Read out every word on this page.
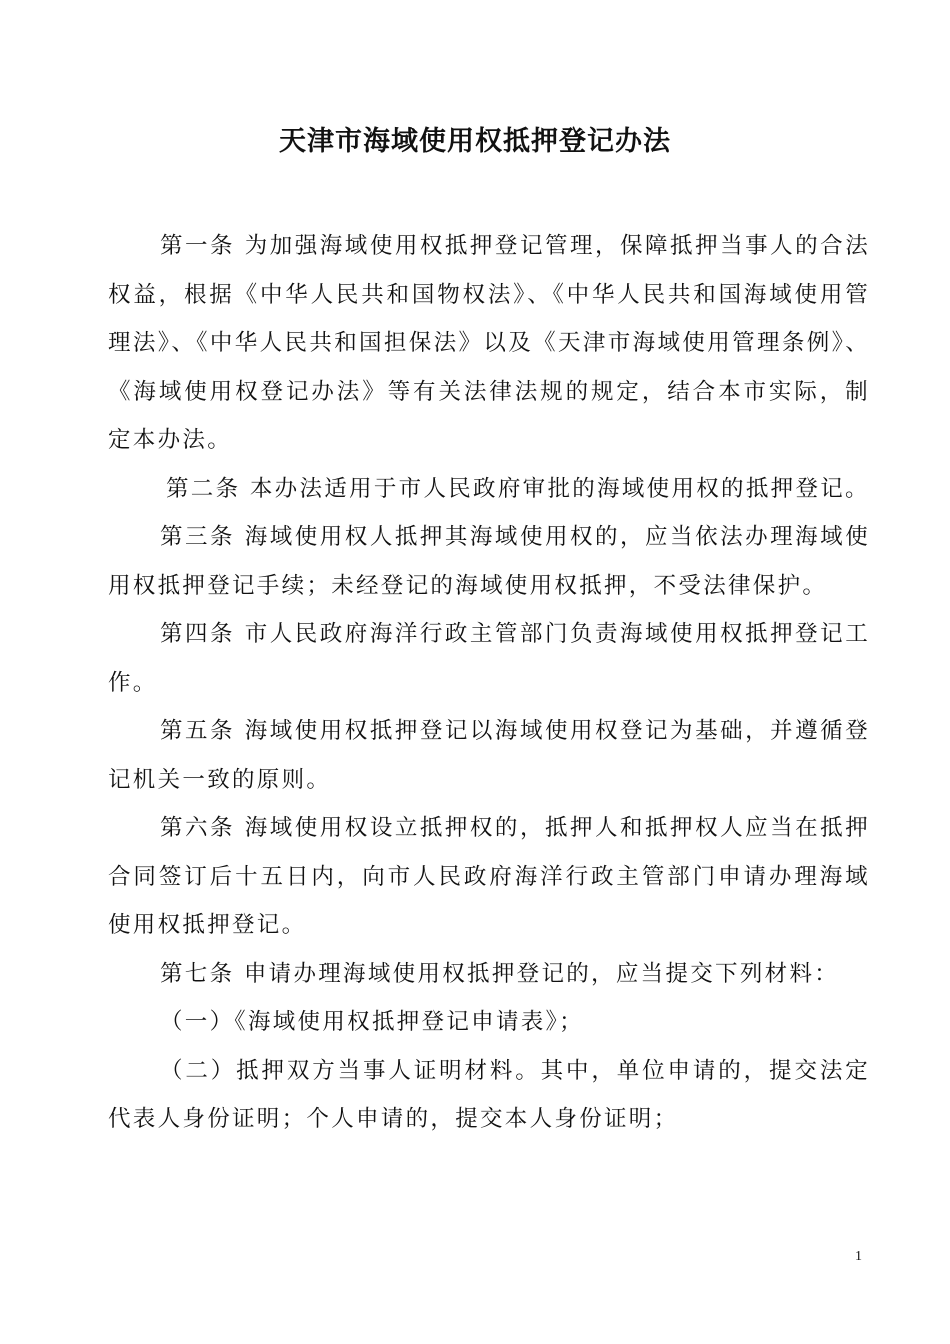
天津市海域使用权抵押登记办法

第一条 为加强海域使用权抵押登记管理，保障抵押当事人的合法权益，根据《中华人民共和国物权法》、《中华人民共和国海域使用管理法》、《中华人民共和国担保法》以及《天津市海域使用管理条例》、《海域使用权登记办法》等有关法律法规的规定，结合本市实际，制定本办法。

第二条 本办法适用于市人民政府审批的海域使用权的抵押登记。

第三条 海域使用权人抵押其海域使用权的，应当依法办理海域使用权抵押登记手续；未经登记的海域使用权抵押，不受法律保护。

第四条 市人民政府海洋行政主管部门负责海域使用权抵押登记工作。

第五条 海域使用权抵押登记以海域使用权登记为基础，并遵循登记机关一致的原则。

第六条 海域使用权设立抵押权的，抵押人和抵押权人应当在抵押合同签订后十五日内，向市人民政府海洋行政主管部门申请办理海域使用权抵押登记。

第七条 申请办理海域使用权抵押登记的，应当提交下列材料：

（一）《海域使用权抵押登记申请表》；

（二）抵押双方当事人证明材料。其中，单位申请的，提交法定代表人身份证明；个人申请的，提交本人身份证明；

1
